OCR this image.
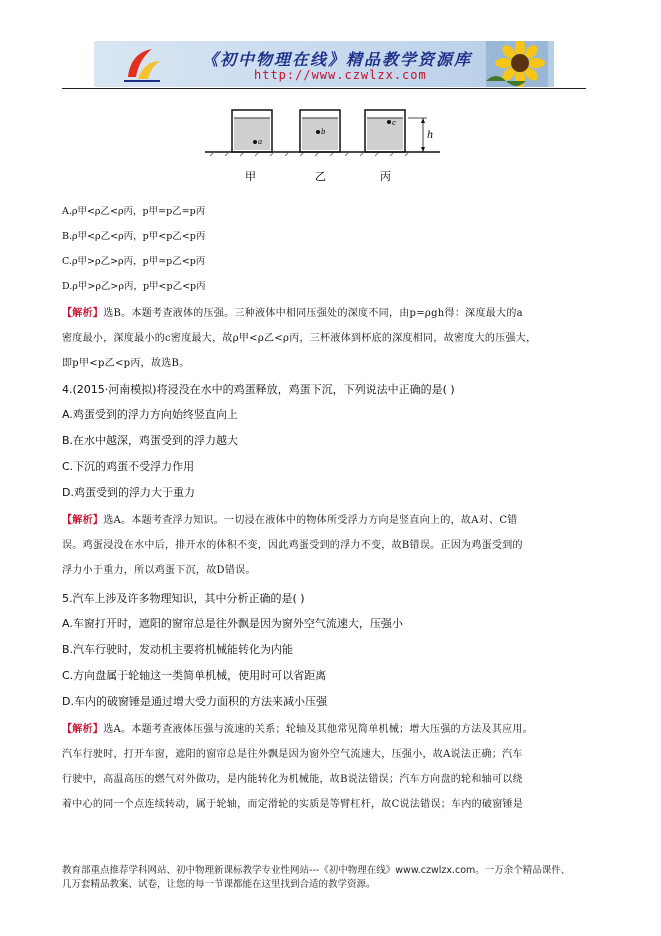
《初中物理在线》精品教学资源库
http://www.czwlzx.com
a
b
c
h
甲	乙	丙
A.ρ甲<ρ乙<ρ丙，p甲=p乙=p丙
B.ρ甲<ρ乙<ρ丙，p甲<p乙<p丙
C.ρ甲>ρ乙>ρ丙，p甲=p乙<p丙
D.ρ甲>ρ乙>ρ丙，p甲<p乙<p丙
【解析】选B。本题考查液体的压强。三种液体中相同压强处的深度不同，由p=ρgh得：深度最大的a
密度最小，深度最小的c密度最大，故ρ甲<ρ乙<ρ丙，三杯液体到杯底的深度相同，故密度大的压强大，
即p甲<p乙<p丙，故选B。
4.(2015·河南模拟)将浸没在水中的鸡蛋释放，鸡蛋下沉，下列说法中正确的是( )
A.鸡蛋受到的浮力方向始终竖直向上
B.在水中越深，鸡蛋受到的浮力越大
C.下沉的鸡蛋不受浮力作用
D.鸡蛋受到的浮力大于重力
【解析】选A。本题考查浮力知识。一切浸在液体中的物体所受浮力方向是竖直向上的，故A对、C错
误。鸡蛋浸没在水中后，排开水的体积不变，因此鸡蛋受到的浮力不变，故B错误。正因为鸡蛋受到的
浮力小于重力，所以鸡蛋下沉，故D错误。
5.汽车上涉及许多物理知识，其中分析正确的是( )
A.车窗打开时，遮阳的窗帘总是往外飘是因为窗外空气流速大，压强小
B.汽车行驶时，发动机主要将机械能转化为内能
C.方向盘属于轮轴这一类简单机械，使用时可以省距离
D.车内的破窗锤是通过增大受力面积的方法来减小压强
【解析】选A。本题考查液体压强与流速的关系；轮轴及其他常见简单机械；增大压强的方法及其应用。
汽车行驶时，打开车窗，遮阳的窗帘总是往外飘是因为窗外空气流速大，压强小，故A说法正确；汽车
行驶中，高温高压的燃气对外做功，是内能转化为机械能，故B说法错误；汽车方向盘的轮和轴可以绕
着中心的同一个点连续转动，属于轮轴，而定滑轮的实质是等臂杠杆，故C说法错误；车内的破窗锤是
教育部重点推荐学科网站、初中物理新课标教学专业性网站---《初中物理在线》www.czwlzx.com。一万余个精品课件、
几万套精品教案、试卷，让您的每一节课都能在这里找到合适的教学资源。
